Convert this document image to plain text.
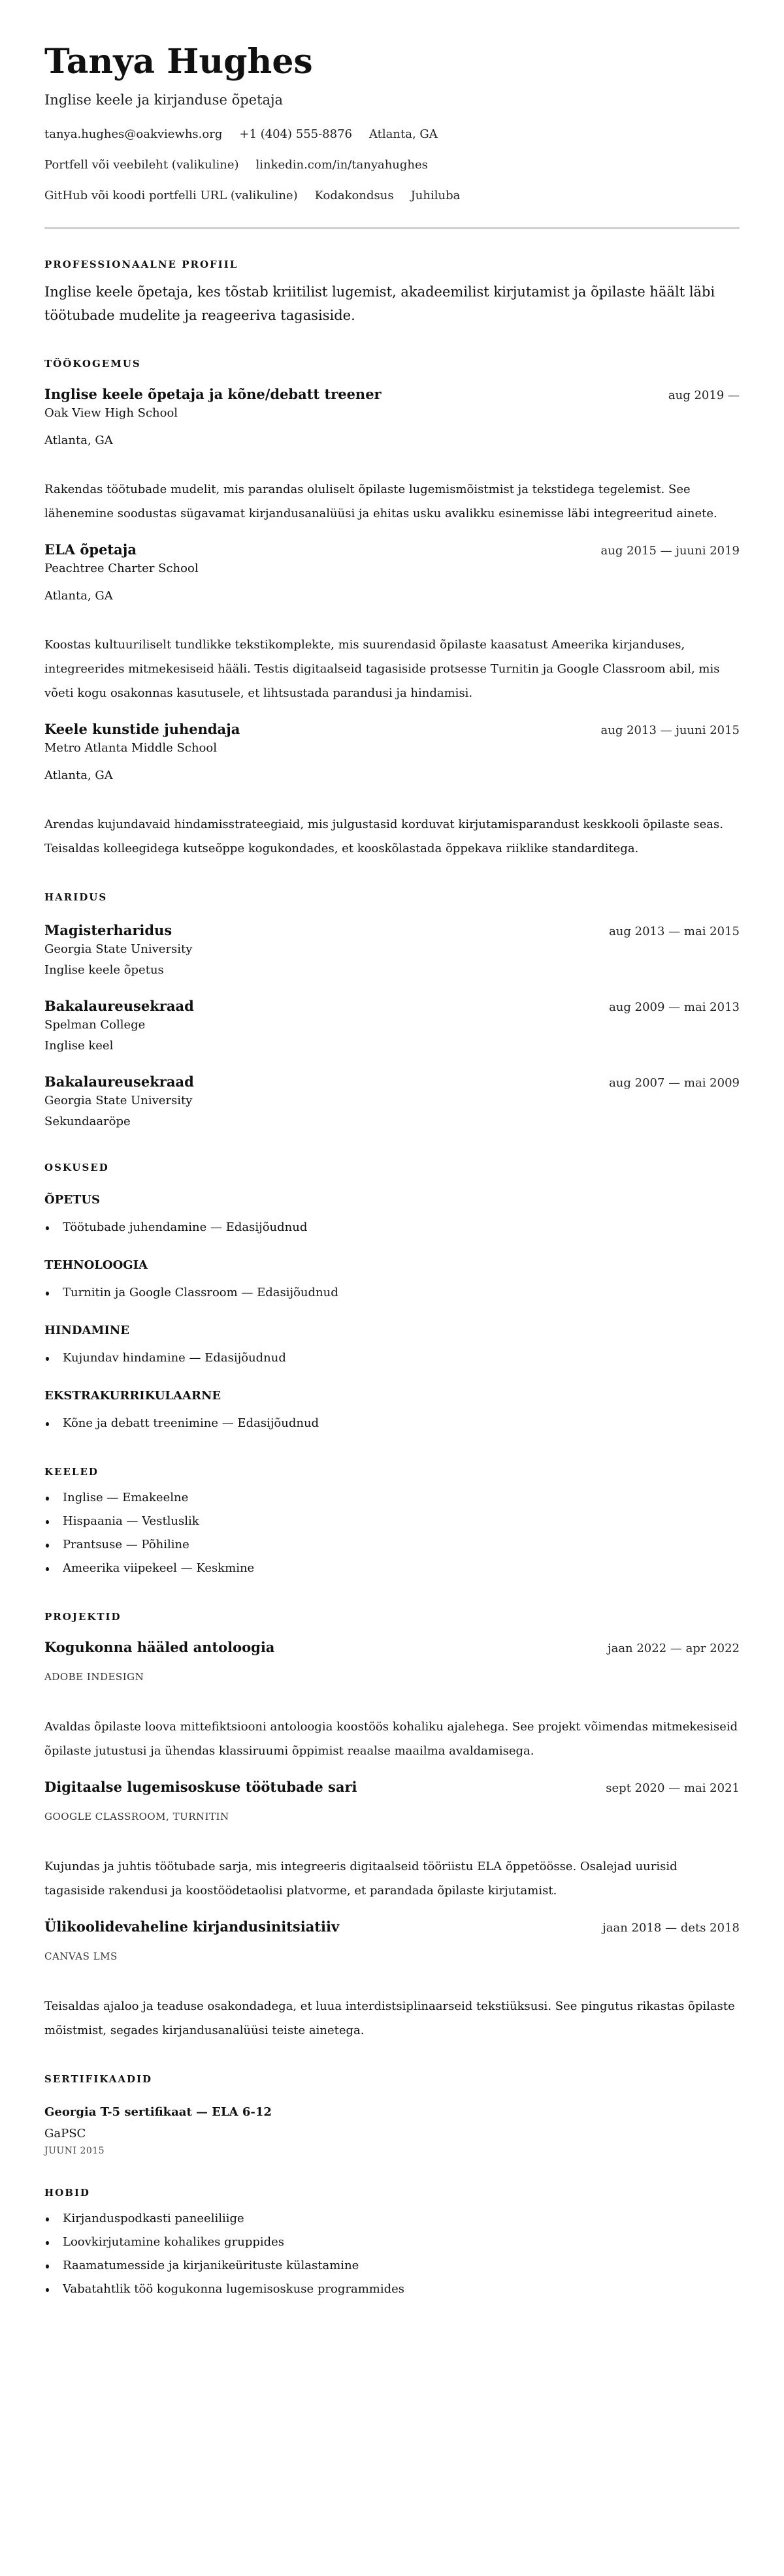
Tanya Hughes
Inglise keele ja kirjanduse õpetaja
tanya.hughes@oakviewhs.org +1 (404) 555-8876 Atlanta, GA
Portfell või veebileht (valikuline) linkedin.com/in/tanyahughes
GitHub või koodi portfelli URL (valikuline) Kodakondsus Juhiluba
PROFESSIONAALNE PROFIIL

Inglise keele õpetaja, kes tõstab kriitilist lugemist, akadeemilist kirjutamist ja õpilaste häält läbi töötubade mudelite ja reageeriva tagasiside.

TÖÖKOGEMUS
Inglise keele õpetaja ja kõne/debatt treener	aug 2019 —
Oak View High School
Atlanta, GA

Rakendas töötubade mudelit, mis parandas oluliselt õpilaste lugemismõistmist ja tekstidega tegelemist. See lähenemine soodustas sügavamat kirjandusanalüüsi ja ehitas usku avalikku esinemisse läbi integreeritud ainete.

ELA õpetaja	aug 2015 — juuni 2019
Peachtree Charter School
Atlanta, GA

Koostas kultuuriliselt tundlikke tekstikomplekte, mis suurendasid õpilaste kaasatust Ameerika kirjanduses, integreerides mitmekesiseid hääli. Testis digitaalseid tagasiside protsesse Turnitin ja Google Classroom abil, mis võeti kogu osakonnas kasutusele, et lihtsustada parandusi ja hindamisi.

Keele kunstide juhendaja	aug 2013 — juuni 2015
Metro Atlanta Middle School
Atlanta, GA

Arendas kujundavaid hindamisstrateegiaid, mis julgustasid korduvat kirjutamisparandust keskkooli õpilaste seas. Teisaldas kolleegidega kutseõppe kogukondades, et kooskõlastada õppekava riiklike standarditega.

HARIDUS
Magisterharidus	aug 2013 — mai 2015
Georgia State University
Inglise keele õpetus
Bakalaureusekraad	aug 2009 — mai 2013
Spelman College
Inglise keel
Bakalaureusekraad	aug 2007 — mai 2009
Georgia State University
Sekundaaröpe
OSKUSED
ÕPETUS
Töötubade juhendamine — Edasijõudnud
TEHNOLOOGIA
Turnitin ja Google Classroom — Edasijõudnud
HINDAMINE
Kujundav hindamine — Edasijõudnud
EKSTRAKURRIKULAARNE
Kõne ja debatt treenimine — Edasijõudnud
KEELED
Inglise — Emakeelne
Hispaania — Vestluslik
Prantsuse — Põhiline
Ameerika viipekeel — Keskmine
PROJEKTID
Kogukonna hääled antoloogia	jaan 2022 — apr 2022
ADOBE INDESIGN

Avaldas õpilaste loova mittefiktsiooni antoloogia koostöös kohaliku ajalehega. See projekt võimendas mitmekesiseid õpilaste jutustusi ja ühendas klassiruumi õppimist reaalse maailma avaldamisega.

Digitaalse lugemisoskuse töötubade sari	sept 2020 — mai 2021
GOOGLE CLASSROOM, TURNITIN

Kujundas ja juhtis töötubade sarja, mis integreeris digitaalseid tööriistu ELA õppetöösse. Osalejad uurisid tagasiside rakendusi ja koostöödetaolisi platvorme, et parandada õpilaste kirjutamist.

Ülikoolidevaheline kirjandusinitsiatiiv	jaan 2018 — dets 2018
CANVAS LMS

Teisaldas ajaloo ja teaduse osakondadega, et luua interdistsiplinaarseid tekstiüksusi. See pingutus rikastas õpilaste mõistmist, segades kirjandusanalüüsi teiste ainetega.

SERTIFIKAADID
Georgia T-5 sertifikaat — ELA 6-12
GaPSC
JUUNI 2015
HOBID
Kirjanduspodkasti paneeliliige
Loovkirjutamine kohalikes gruppides
Raamatumesside ja kirjanikeürituste külastamine
Vabatahtlik töö kogukonna lugemisoskuse programmides
